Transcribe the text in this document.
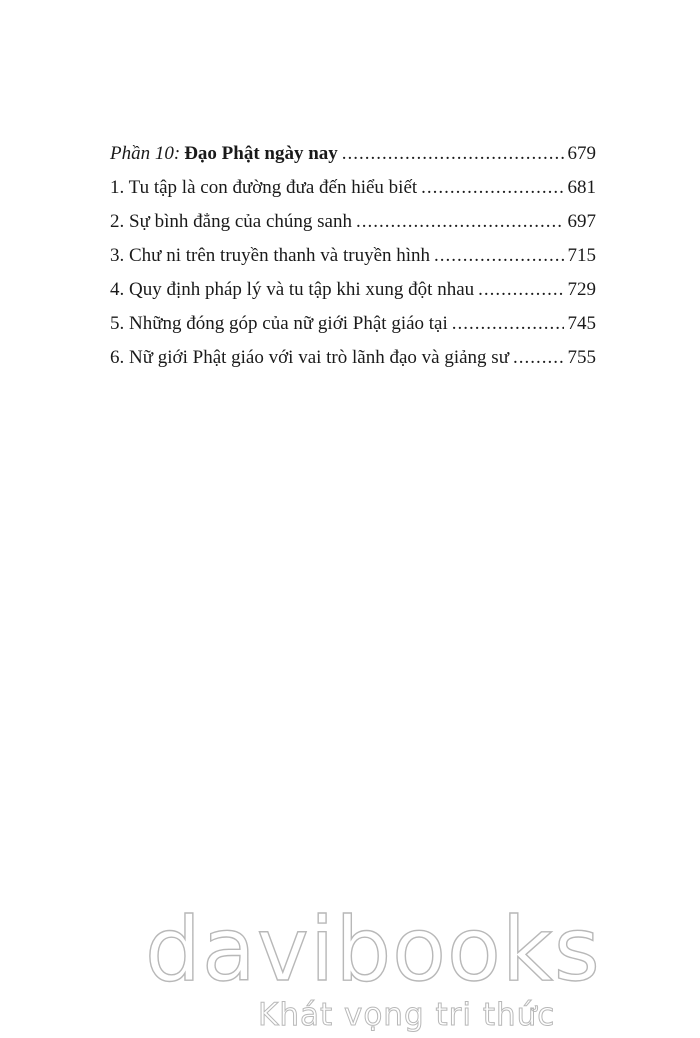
Phần 10: Đạo Phật ngày nay .....	679
1. Tu tập là con đường đưa đến hiểu biết .....	681
2. Sự bình đẳng của chúng sanh .....	697
3. Chư ni trên truyền thanh và truyền hình .....	715
4. Quy định pháp lý và tu tập khi xung đột nhau .....	729
5. Những đóng góp của nữ giới Phật giáo tại .....	745
6. Nữ giới Phật giáo với vai trò lãnh đạo và giảng sư .....	755
davibooks
Khát vọng tri thức
